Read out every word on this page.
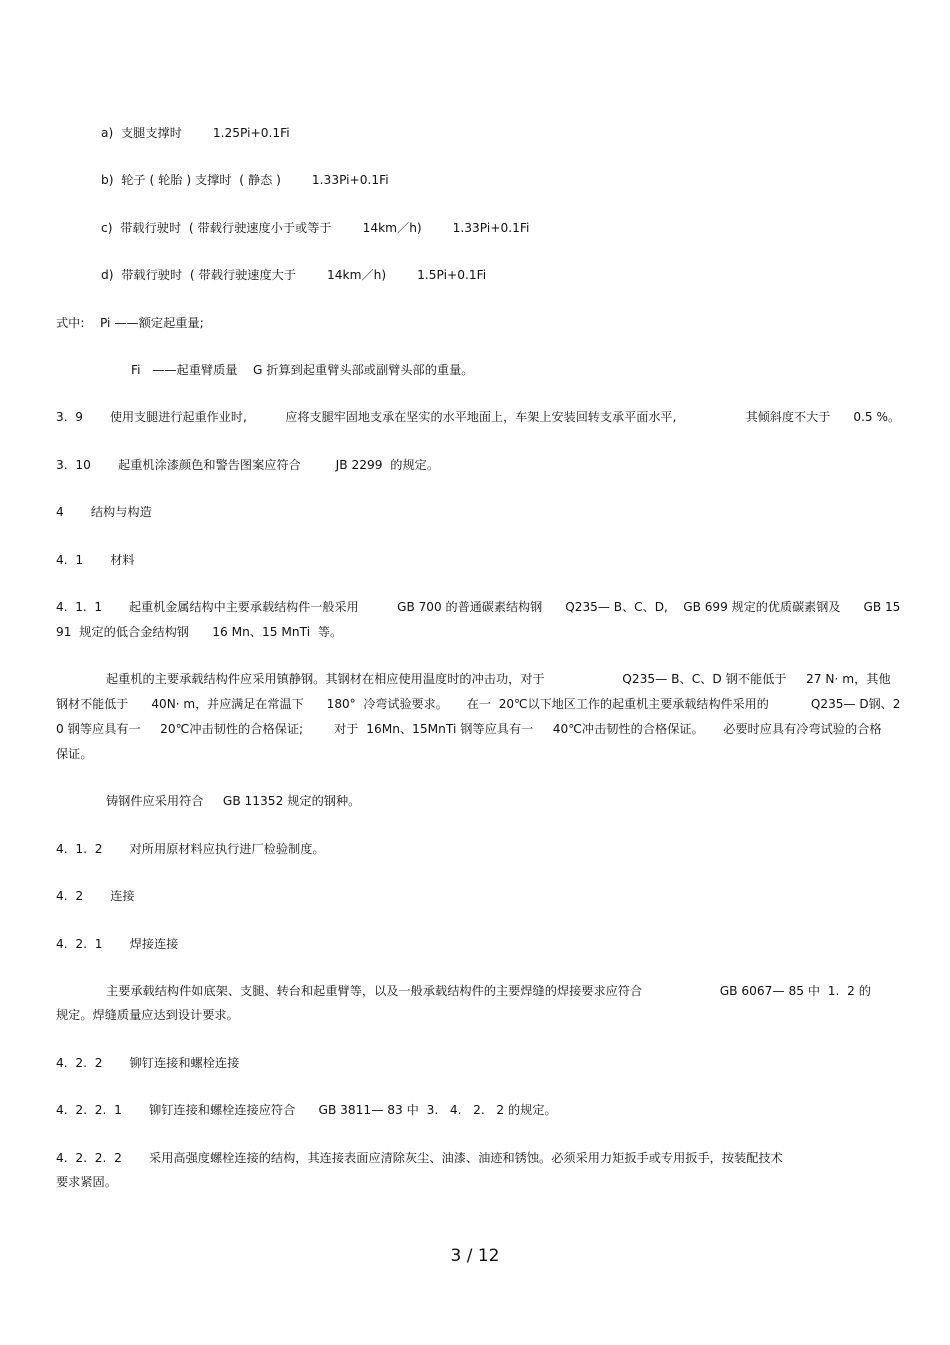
a)  支腿支撑时        1.25Pi+0.1Fi
b)  轮子 ( 轮胎 ) 支撑时  ( 静态 )        1.33Pi+0.1Fi
c)  带载行驶时  ( 带载行驶速度小于或等于        14km／h)        1.33Pi+0.1Fi
d)  带载行驶时  ( 带载行驶速度大于        14km／h)        1.5Pi+0.1Fi
式中:    Pi ——额定起重量;
Fi   ——起重臂质量    G 折算到起重臂头部或副臂头部的重量。
3.  9       使用支腿进行起重作业时,          应将支腿牢固地支承在坚实的水平地面上，车架上安装回转支承平面水平,                  其倾斜度不大于      0.5 %。
3.  10       起重机涂漆颜色和警告图案应符合         JB 2299  的规定。
4       结构与构造
4.  1       材料
4.  1.  1       起重机金属结构中主要承载结构件一般采用          GB 700 的普通碳素结构钢      Q235— B、C、D,    GB 699 规定的优质碳素钢及      GB 15
91  规定的低合金结构钢      16 Mn、15 MnTi  等。
起重机的主要承载结构件应采用镇静钢。其钢材在相应使用温度时的冲击功，对于                    Q235— B、C、D 钢不能低于     27 N· m，其他
钢材不能低于      40N· m，并应满足在常温下      180°  冷弯试验要求。     在一  20℃以下地区工作的起重机主要承载结构件采用的           Q235— D钢、2
0 钢等应具有一     20℃冲击韧性的合格保证;        对于  16Mn、15MnTi 钢等应具有一     40℃冲击韧性的合格保证。     必要时应具有冷弯试验的合格
保证。
铸钢件应采用符合     GB 11352 规定的钢种。
4.  1.  2       对所用原材料应执行进厂检验制度。
4.  2       连接
4.  2.  1       焊接连接
主要承载结构件如底架、支腿、转台和起重臂等，以及一般承载结构件的主要焊缝的焊接要求应符合                    GB 6067— 85 中  1.  2 的
规定。焊缝质量应达到设计要求。
4.  2.  2       铆钉连接和螺栓连接
4.  2.  2.  1       铆钉连接和螺栓连接应符合      GB 3811— 83 中  3.   4.   2.   2 的规定。
4.  2.  2.  2       采用高强度螺栓连接的结构，其连接表面应清除灰尘、油漆、油迹和锈蚀。必须采用力矩扳手或专用扳手，按装配技术
要求紧固。
3 / 12
